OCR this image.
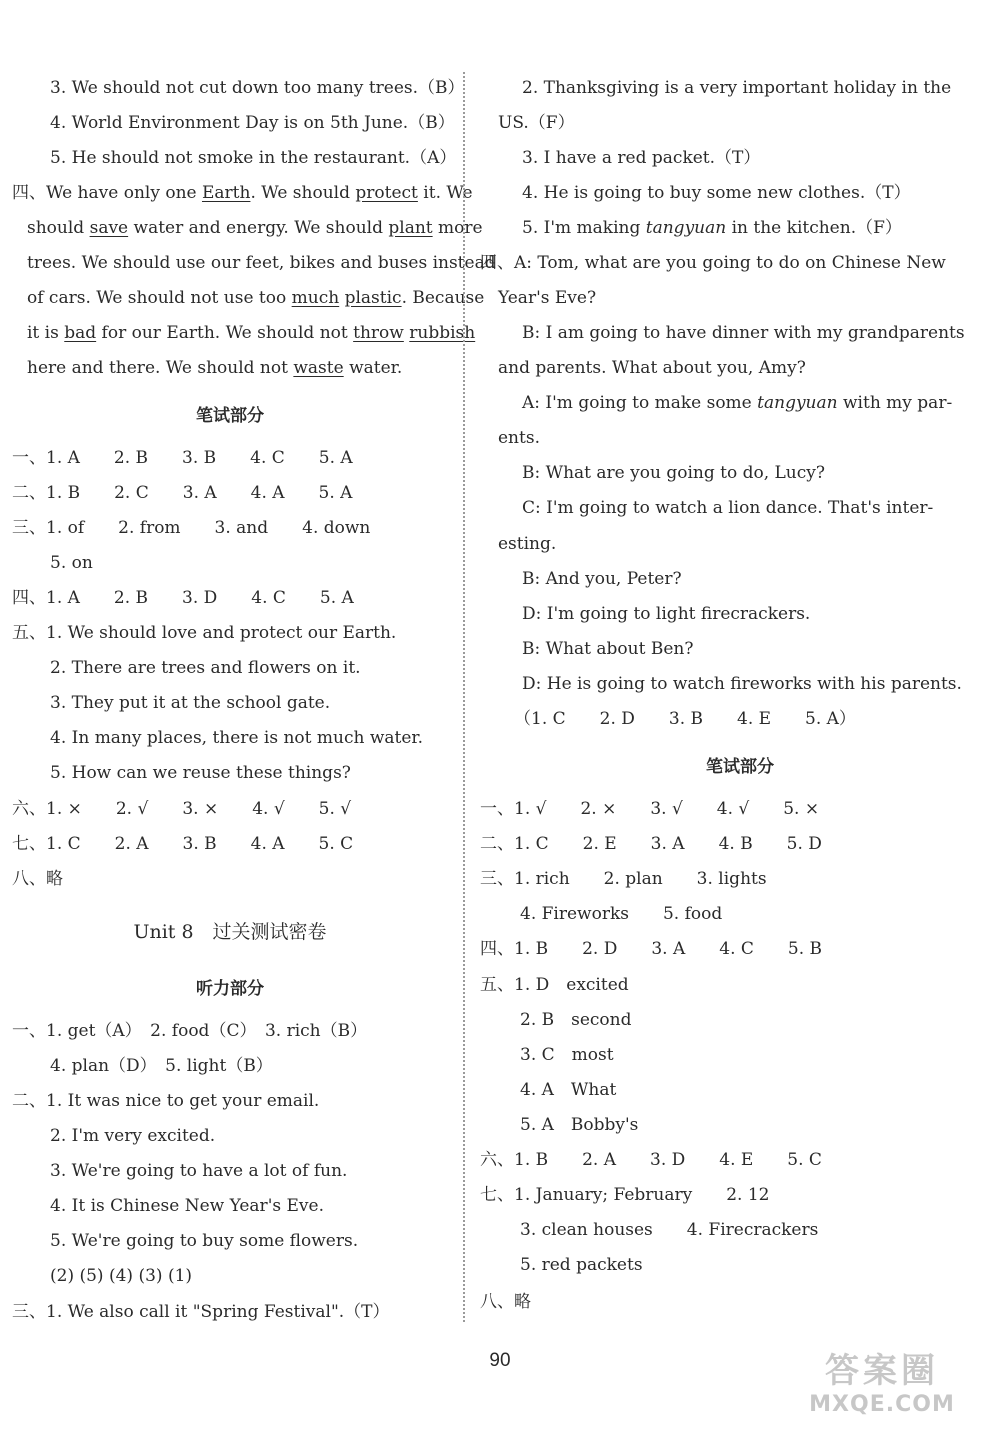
3. We should not cut down too many trees.（B）
4. World Environment Day is on 5th June.（B）
5. He should not smoke in the restaurant.（A）
四、We have only one Earth. We should protect it. We
should save water and energy. We should plant more
trees. We should use our feet, bikes and buses instead
of cars. We should not use too much plastic. Because
it is bad for our Earth. We should not throw rubbish
here and there. We should not waste water.
笔试部分
一、1. A　　2. B　　3. B　　4. C　　5. A
二、1. B　　2. C　　3. A　　4. A　　5. A
三、1. of　　2. from　　3. and　　4. down
5. on
四、1. A　　2. B　　3. D　　4. C　　5. A
五、1. We should love and protect our Earth.
2. There are trees and flowers on it.
3. They put it at the school gate.
4. In many places, there is not much water.
5. How can we reuse these things?
六、1. ×　　2. √　　3. ×　　4. √　　5. √
七、1. C　　2. A　　3. B　　4. A　　5. C
八、略
Unit 8　过关测试密卷
听力部分
一、1. get（A）　2. food（C）　3. rich（B）
4. plan（D）　5. light（B）
二、1. It was nice to get your email.
2. I'm very excited.
3. We're going to have a lot of fun.
4. It is Chinese New Year's Eve.
5. We're going to buy some flowers.
(2) (5) (4) (3) (1)
三、1. We also call it "Spring Festival".（T）
2. Thanksgiving is a very important holiday in the
US.（F）
3. I have a red packet.（T）
4. He is going to buy some new clothes.（T）
5. I'm making tangyuan in the kitchen.（F）
四、A: Tom, what are you going to do on Chinese New
Year's Eve?
B: I am going to have dinner with my grandparents
and parents. What about you, Amy?
A: I'm going to make some tangyuan with my par-
ents.
B: What are you going to do, Lucy?
C: I'm going to watch a lion dance. That's inter-
esting.
B: And you, Peter?
D: I'm going to light firecrackers.
B: What about Ben?
D: He is going to watch fireworks with his parents.
（1. C　　2. D　　3. B　　4. E　　5. A）
笔试部分
一、1. √　　2. ×　　3. √　　4. √　　5. ×
二、1. C　　2. E　　3. A　　4. B　　5. D
三、1. rich　　2. plan　　3. lights
4. Fireworks　　5. food
四、1. B　　2. D　　3. A　　4. C　　5. B
五、1. D　excited
2. B　second
3. C　most
4. A　What
5. A　Bobby's
六、1. B　　2. A　　3. D　　4. E　　5. C
七、1. January; February　　2. 12
3. clean houses　　4. Firecrackers
5. red packets
八、略
90	答案圈
MXQE.COM
